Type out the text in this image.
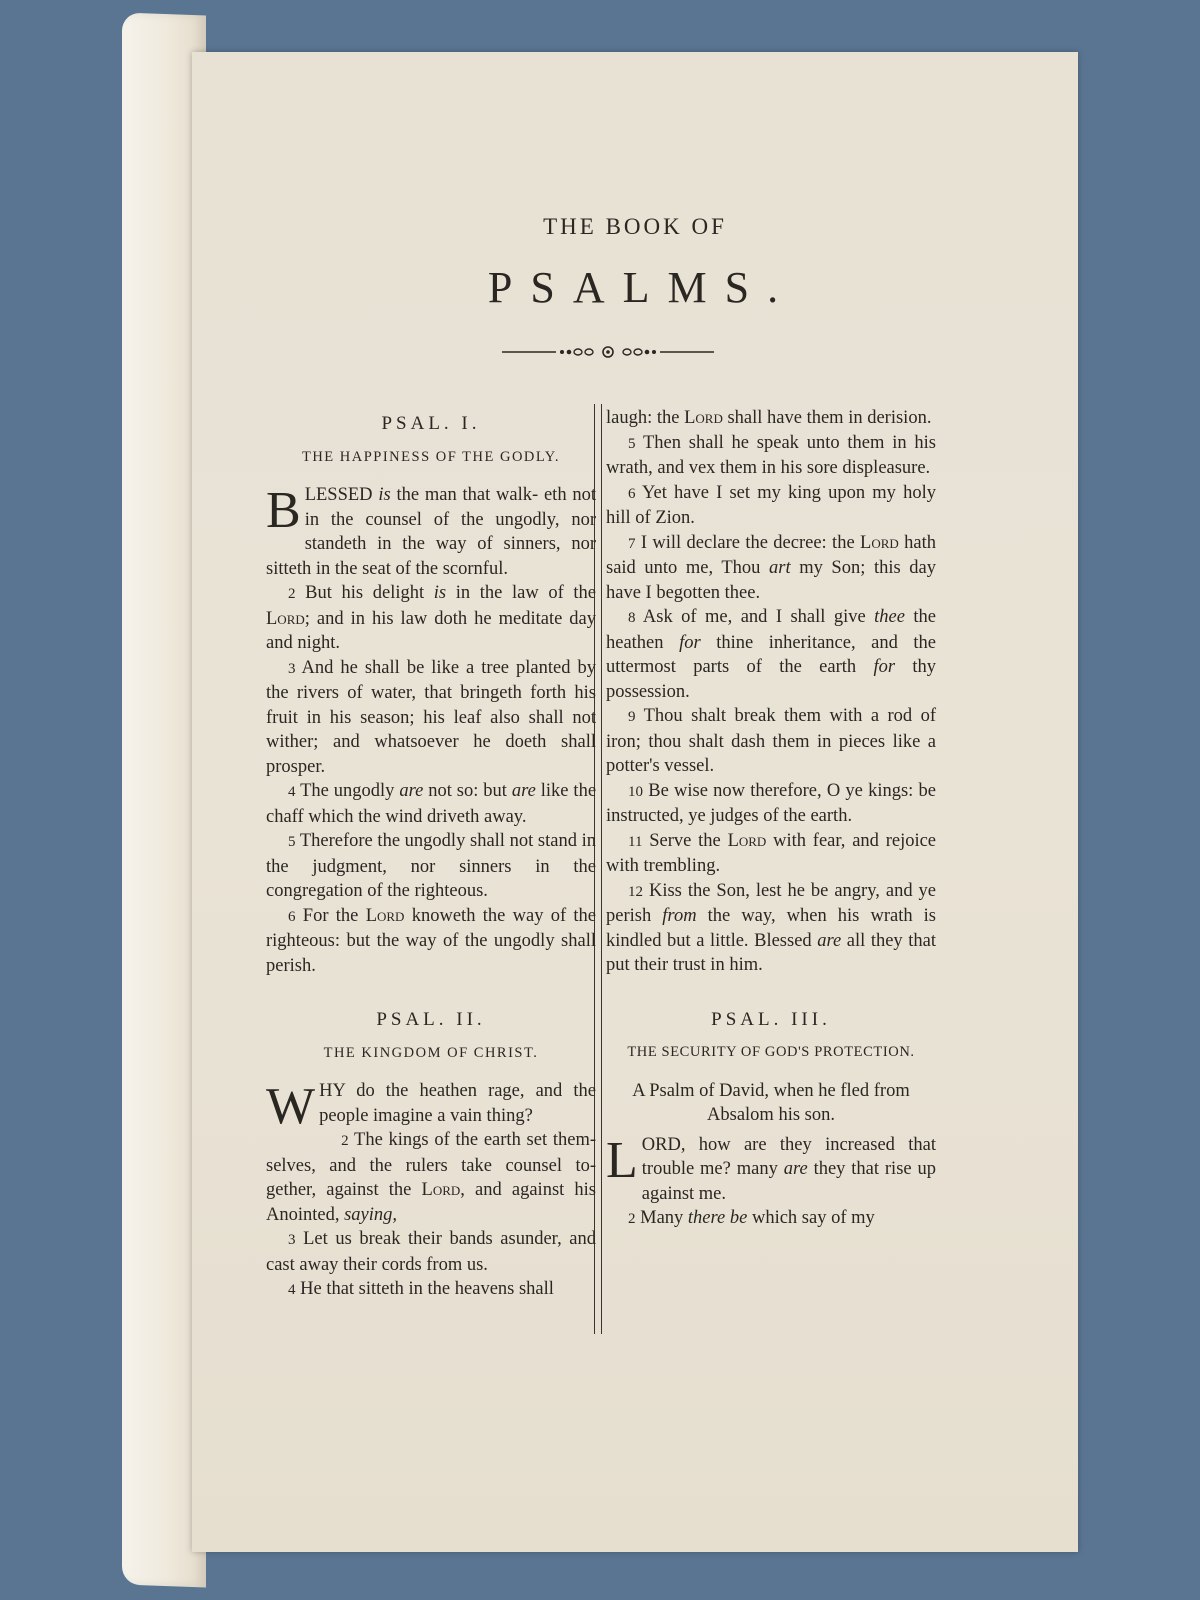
THE BOOK OF
PSALMS.
PSAL. I.
THE HAPPINESS OF THE GODLY.

BLESSED is the man that walk- eth not in the counsel of the ungodly, nor standeth in the way of sinners, nor sitteth in the seat of the scornful.

2 But his delight is in the law of the Lord; and in his law doth he meditate day and night.

3 And he shall be like a tree planted by the rivers of water, that bringeth forth his fruit in his season; his leaf also shall not wither; and whatsoever he doeth shall prosper.

4 The ungodly are not so: but are like the chaff which the wind driveth away.

5 Therefore the ungodly shall not stand in the judgment, nor sinners in the congregation of the righteous.

6 For the Lord knoweth the way of the righteous: but the way of the ungodly shall perish.

PSAL. II.
THE KINGDOM OF CHRIST.

WHY do the heathen rage, and the people imagine a vain thing?

2 The kings of the earth set them- selves, and the rulers take counsel to- gether, against the Lord, and against his Anointed, saying,

3 Let us break their bands asunder, and cast away their cords from us.

4 He that sitteth in the heavens shall

laugh: the Lord shall have them in derision.

5 Then shall he speak unto them in his wrath, and vex them in his sore displeasure.

6 Yet have I set my king upon my holy hill of Zion.

7 I will declare the decree: the Lord hath said unto me, Thou art my Son; this day have I begotten thee.

8 Ask of me, and I shall give thee the heathen for thine inheritance, and the uttermost parts of the earth for thy possession.

9 Thou shalt break them with a rod of iron; thou shalt dash them in pieces like a potter's vessel.

10 Be wise now therefore, O ye kings: be instructed, ye judges of the earth.

11 Serve the Lord with fear, and rejoice with trembling.

12 Kiss the Son, lest he be angry, and ye perish from the way, when his wrath is kindled but a little. Blessed are all they that put their trust in him.

PSAL. III.
THE SECURITY OF GOD'S PROTECTION.
A Psalm of David, when he fled from Absalom his son.

LORD, how are they increased that trouble me? many are they that rise up against me.

2 Many there be which say of my
